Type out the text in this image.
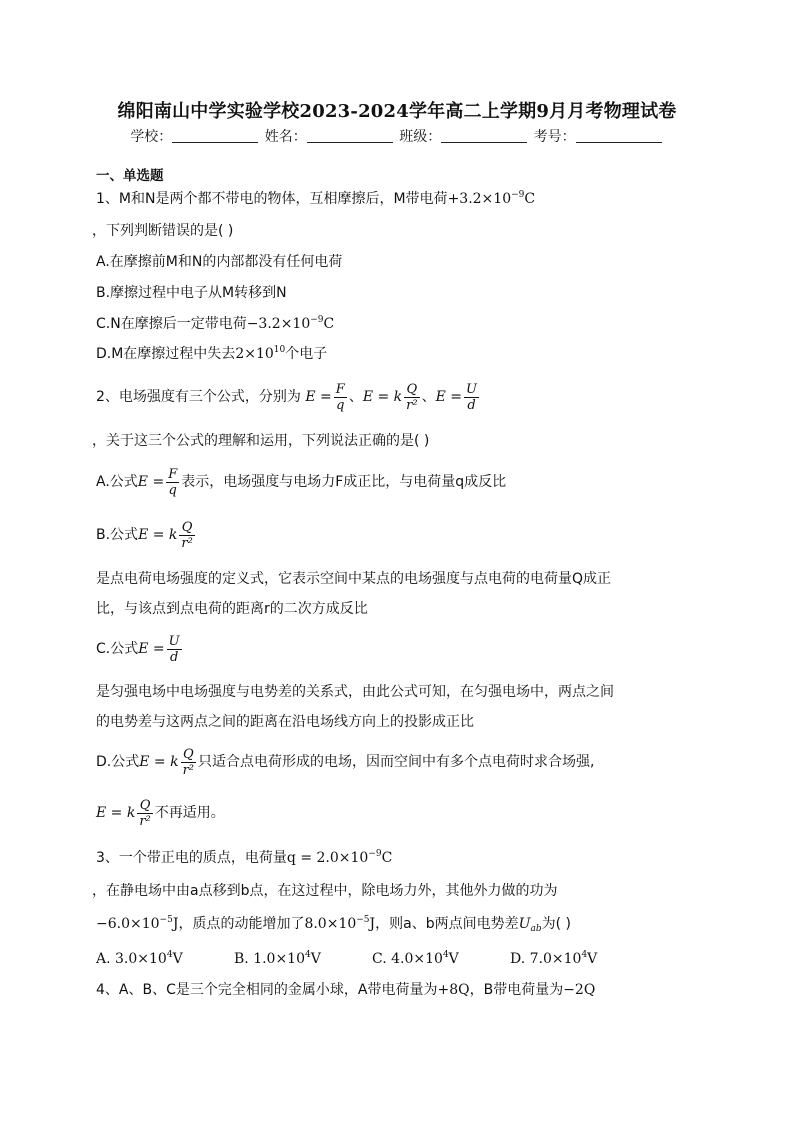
绵阳南山中学实验学校2023-2024学年高二上学期9月月考物理试卷
学校：	姓名：	班级：	考号：
一、单选题
1、M和N是两个都不带电的物体，互相摩擦后，M带电荷$+3.2\times 10^{-9}C$
，下列判断错误的是( )
A.在摩擦前M和N的内部都没有任何电荷
B.摩擦过程中电子从M转移到N
C.N在摩擦后一定带电荷$-3.2\times 10^{-9}C$
D.M在摩擦过程中失去$2\times 10^{10}$个电子
2、电场强度有三个公式，分别为 $E = \frac{F}{q}$ 、E = k $\frac{Q}{\text{r²}}$ 、$E = \frac{U}{d}$
，关于这三个公式的理解和运用，下列说法正确的是( )
A.公式$E = \frac{F}{q}$ 表示，电场强度与电场力F成正比，与电荷量q成反比
B.公式E = k $\frac{Q}{\text{r²}}$
是点电荷电场强度的定义式，它表示空间中某点的电场强度与点电荷的电荷量Q成正
比，与该点到点电荷的距离r的二次方成反比
C.公式$E = \frac{U}{d}$
是匀强电场中电场强度与电势差的关系式，由此公式可知，在匀强电场中，两点之间
的电势差与这两点之间的距离在沿电场线方向上的投影成正比
D.公式E = k $\frac{Q}{\text{r²}}$ 只适合点电荷形成的电场，因而空间中有多个点电荷时求合场强,
E = k $\frac{Q}{\text{r²}}$ 不再适用。
3、一个带正电的质点，电荷量$q = 2.0\times 10^{-9}C$
，在静电场中由a点移到b点，在这过程中，除电场力外，其他外力做的功为
$-6.0\times 10^{-5}J$，质点的动能增加了$8.0\times 10^{-5}J$，则a、b两点间电势差$U_{ab}$为( )
A. $3.0\times 10^4V$	B. $1.0\times 10^4V$	C. $4.0\times 10^4V$	D. $7.0\times 10^4V$
4、A、B、C是三个完全相同的金属小球，A带电荷量为+8Q，B带电荷量为−2Q
